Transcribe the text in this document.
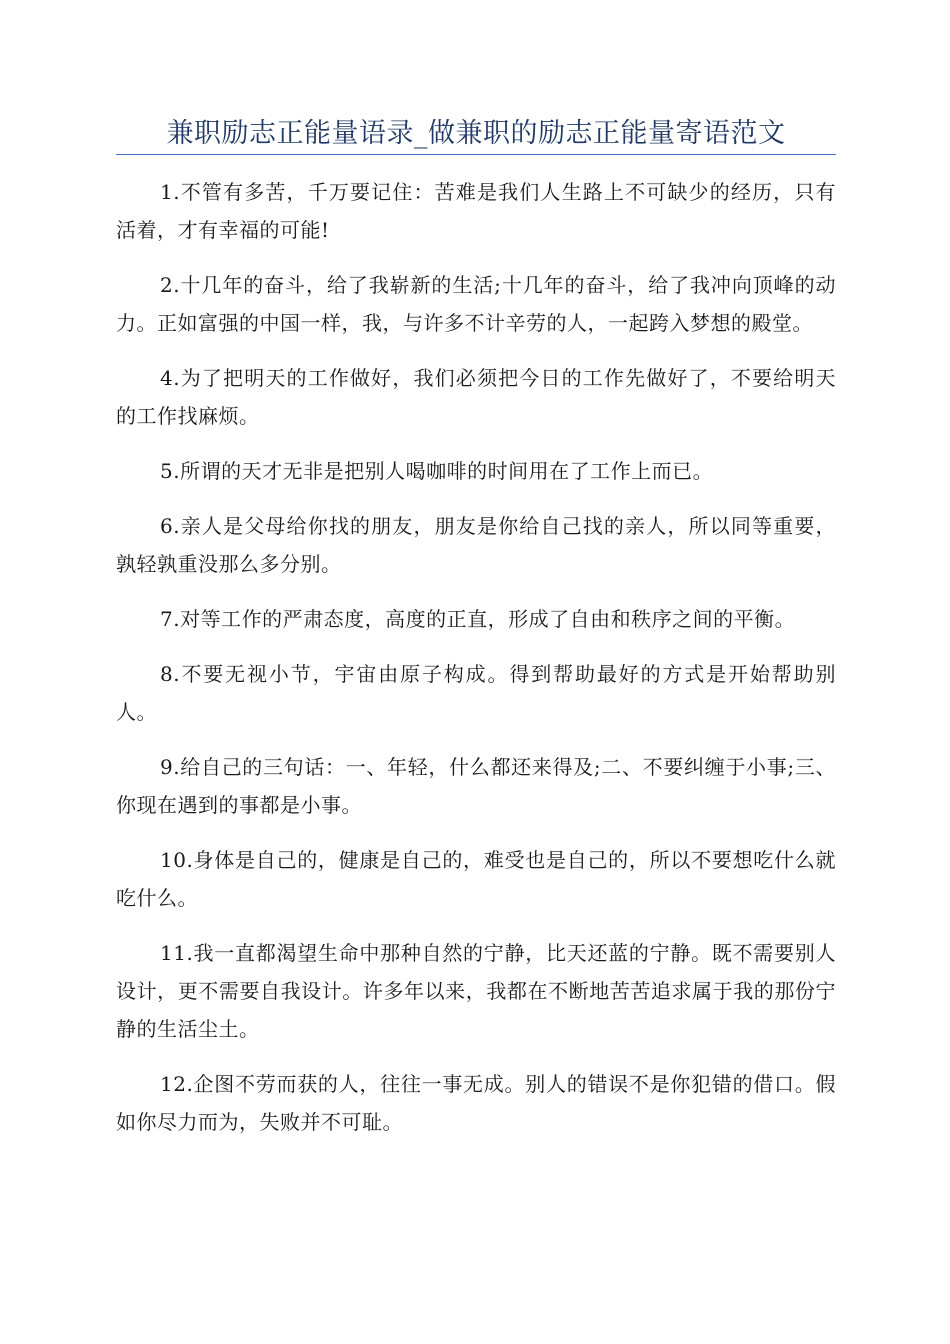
兼职励志正能量语录_做兼职的励志正能量寄语范文

1.不管有多苦，千万要记住：苦难是我们人生路上不可缺少的经历，只有活着，才有幸福的可能!

2.十几年的奋斗，给了我崭新的生活;十几年的奋斗，给了我冲向顶峰的动力。正如富强的中国一样，我，与许多不计辛劳的人，一起跨入梦想的殿堂。

4.为了把明天的工作做好，我们必须把今日的工作先做好了，不要给明天的工作找麻烦。

5.所谓的天才无非是把别人喝咖啡的时间用在了工作上而已。

6.亲人是父母给你找的朋友，朋友是你给自己找的亲人，所以同等重要，孰轻孰重没那么多分别。

7.对等工作的严肃态度，高度的正直，形成了自由和秩序之间的平衡。

8.不要无视小节，宇宙由原子构成。得到帮助最好的方式是开始帮助别人。

9.给自己的三句话：一、年轻，什么都还来得及;二、不要纠缠于小事;三、你现在遇到的事都是小事。

10.身体是自己的，健康是自己的，难受也是自己的，所以不要想吃什么就吃什么。

11.我一直都渴望生命中那种自然的宁静，比天还蓝的宁静。既不需要别人设计，更不需要自我设计。许多年以来，我都在不断地苦苦追求属于我的那份宁静的生活尘土。

12.企图不劳而获的人，往往一事无成。别人的错误不是你犯错的借口。假如你尽力而为，失败并不可耻。
